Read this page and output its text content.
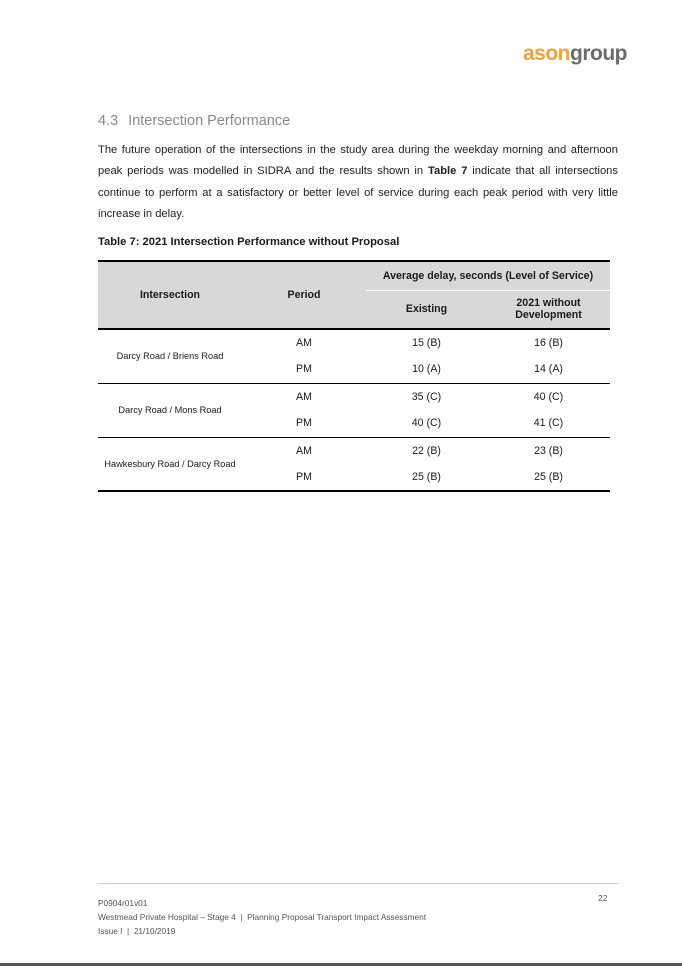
asongroup
4.3 Intersection Performance

The future operation of the intersections in the study area during the weekday morning and afternoon peak periods was modelled in SIDRA and the results shown in Table 7 indicate that all intersections continue to perform at a satisfactory or better level of service during each peak period with very little increase in delay.

Table 7: 2021 Intersection Performance without Proposal
Intersection	Period	Average delay, seconds (Level of Service)	
		Existing	2021 without
Development
Darcy Road / Briens Road	AM	15 (B)	16 (B)
	PM	10 (A)	14 (A)
Darcy Road / Mons Road	AM	35 (C)	40 (C)
	PM	40 (C)	41 (C)
Hawkesbury Road / Darcy Road	AM	22 (B)	23 (B)
	PM	25 (B)	25 (B)
22
P0904r01v01
Westmead Private Hospital – Stage 4  |  Planning Proposal Transport Impact Assessment
Issue I  |  21/10/2019
